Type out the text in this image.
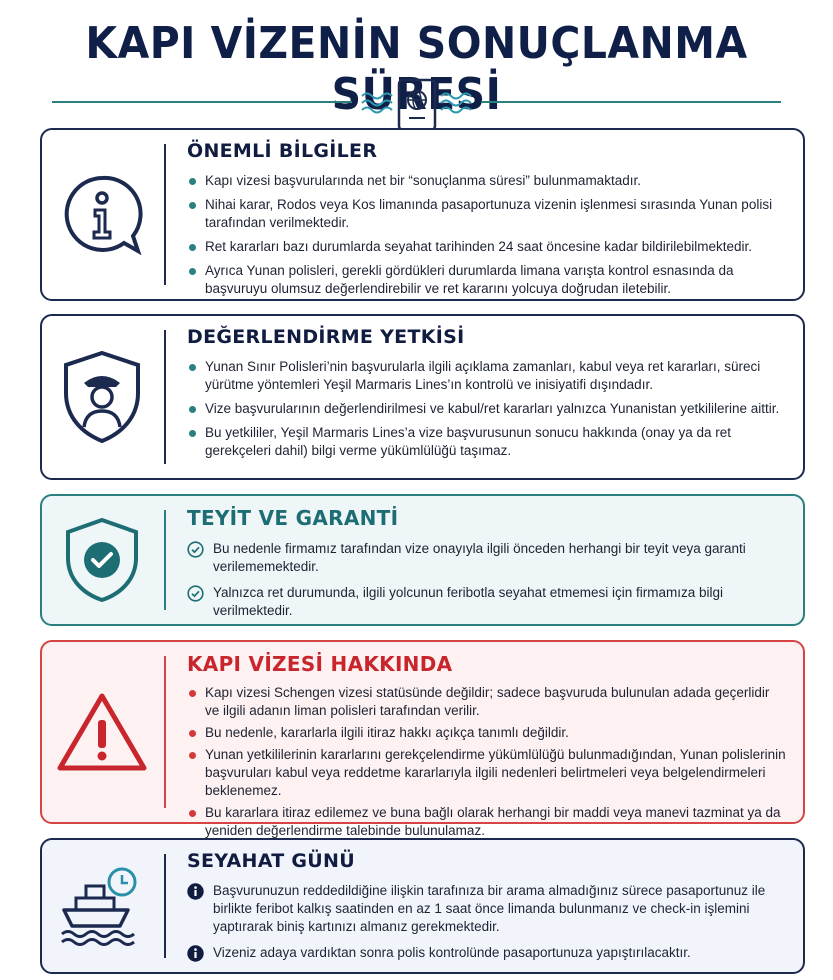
KAPI VİZENİN SONUÇLANMA SÜRESİ
ÖNEMLİ BİLGİLER
Kapı vizesi başvurularında net bir “sonuçlanma süresi” bulunmamaktadır.
Nihai karar, Rodos veya Kos limanında pasaportunuza vizenin işlenmesi sırasında Yunan polisi tarafından verilmektedir.
Ret kararları bazı durumlarda seyahat tarihinden 24 saat öncesine kadar bildirilebilmektedir.
Ayrıca Yunan polisleri, gerekli gördükleri durumlarda limana varışta kontrol esnasında da başvuruyu olumsuz değerlendirebilir ve ret kararını yolcuya doğrudan iletebilir.
DEĞERLENDİRME YETKİSİ
Yunan Sınır Polisleri’nin başvurularla ilgili açıklama zamanları, kabul veya ret kararları, süreci yürütme yöntemleri Yeşil Marmaris Lines’ın kontrolü ve inisiyatifi dışındadır.
Vize başvurularının değerlendirilmesi ve kabul/ret kararları yalnızca Yunanistan yetkililerine aittir.
Bu yetkililer, Yeşil Marmaris Lines’a vize başvurusunun sonucu hakkında (onay ya da ret gerekçeleri dahil) bilgi verme yükümlülüğü taşımaz.
TEYİT VE GARANTİ
Bu nedenle firmamız tarafından vize onayıyla ilgili önceden herhangi bir teyit veya garanti verilememektedir.
Yalnızca ret durumunda, ilgili yolcunun feribotla seyahat etmemesi için firmamıza bilgi verilmektedir.
KAPI VİZESİ HAKKINDA
Kapı vizesi Schengen vizesi statüsünde değildir; sadece başvuruda bulunulan adada geçerlidir ve ilgili adanın liman polisleri tarafından verilir.
Bu nedenle, kararlarla ilgili itiraz hakkı açıkça tanımlı değildir.
Yunan yetkililerinin kararlarını gerekçelendirme yükümlülüğü bulunmadığından, Yunan polislerinin başvuruları kabul veya reddetme kararlarıyla ilgili nedenleri belirtmeleri veya belgelendirmeleri beklenemez.
Bu kararlara itiraz edilemez ve buna bağlı olarak herhangi bir maddi veya manevi tazminat ya da yeniden değerlendirme talebinde bulunulamaz.
SEYAHAT GÜNÜ
Başvurunuzun reddedildiğine ilişkin tarafınıza bir arama almadığınız sürece pasaportunuz ile birlikte feribot kalkış saatinden en az 1 saat önce limanda bulunmanız ve check-in işlemini yaptırarak biniş kartınızı almanız gerekmektedir.
Vizeniz adaya vardıktan sonra polis kontrolünde pasaportunuza yapıştırılacaktır.
